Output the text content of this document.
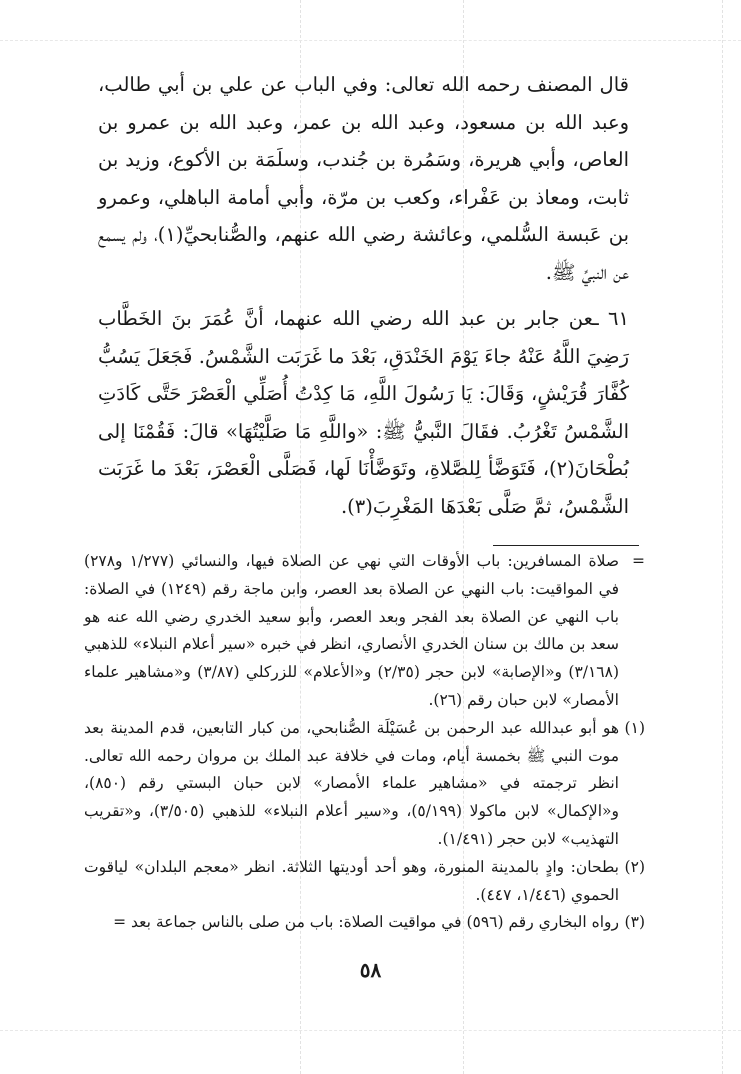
قال المصنف رحمه الله تعالى: وفي الباب عن علي بن أبي طالب، وعبد الله بن مسعود، وعبد الله بن عمر، وعبد الله بن عمرو بن العاص، وأبي هريرة، وسَمُرة بن جُندب، وسلَمَة بن الأكوع، وزيد بن ثابت، ومعاذ بن عَفْراء، وكعب بن مرّة، وأبي أمامة الباهلي، وعمرو بن عَبسة السُّلمي، وعائشة رضي الله عنهم، والصُّنابحيِّ(١)، ولم يسمع عن النبيِّ ﷺ.

٦١ ـعن جابر بن عبد الله رضي الله عنهما، أنَّ عُمَرَ بنَ الخَطَّاب رَضِيَ اللَّهُ عَنْهُ جاءَ يَوْمَ الخَنْدَقِ، بَعْدَ ما غَرَبَت الشَّمْسُ. فَجَعَلَ يَسُبُّ كُفَّارَ قُرَيْشٍ، وَقَالَ: يَا رَسُولَ اللَّهِ، مَا كِدْتُ أُصَلِّي الْعَصْرَ حَتَّى كَادَتِ الشَّمْسُ تَغْرُبُ. فقَالَ النَّبيُّ ﷺ: «واللَّهِ مَا صَلَّيْتُهَا» قالَ: فَقُمْنَا إلى بُطْحَانَ(٢)، فَتَوَضَّأ لِلصَّلاةِ، وتَوَضَّأْنَا لَها، فَصَلَّى الْعَصْرَ، بَعْدَ ما غَرَبَت الشَّمْسُ، ثمَّ صَلَّى بَعْدَهَا المَغْرِبَ(٣).

=
صلاة المسافرين: باب الأوقات التي نهي عن الصلاة فيها، والنسائي (١/٢٧٧ و٢٧٨) في المواقيت: باب النهي عن الصلاة بعد العصر، وابن ماجة رقم (١٢٤٩) في الصلاة: باب النهي عن الصلاة بعد الفجر وبعد العصر، وأبو سعيد الخدري رضي الله عنه هو سعد بن مالك بن سنان الخدري الأنصاري، انظر في خبره «سير أعلام النبلاء» للذهبي (٣/١٦٨) و«الإصابة» لابن حجر (٢/٣٥) و«الأعلام» للزركلي (٣/٨٧) و«مشاهير علماء الأمصار» لابن حبان رقم (٢٦).

(١)
هو أبو عبدالله عبد الرحمن بن عُسَيْلَة الصُّنابحي، من كبار التابعين، قدم المدينة بعد موت النبي ﷺ بخمسة أيام، ومات في خلافة عبد الملك بن مروان رحمه الله تعالى. انظر ترجمته في «مشاهير علماء الأمصار» لابن حبان البستي رقم (٨٥٠)، و«الإكمال» لابن ماكولا (٥/١٩٩)، و«سير أعلام النبلاء» للذهبي (٣/٥٠٥)، و«تقريب التهذيب» لابن حجر (١/٤٩١).

(٢)
بطحان: وادٍ بالمدينة المنورة، وهو أحد أوديتها الثلاثة. انظر «معجم البلدان» لياقوت الحموي (١/٤٤٦، ٤٤٧).

(٣)
رواه البخاري رقم (٥٩٦) في مواقيت الصلاة: باب من صلى بالناس جماعة بعد =

٥٨
